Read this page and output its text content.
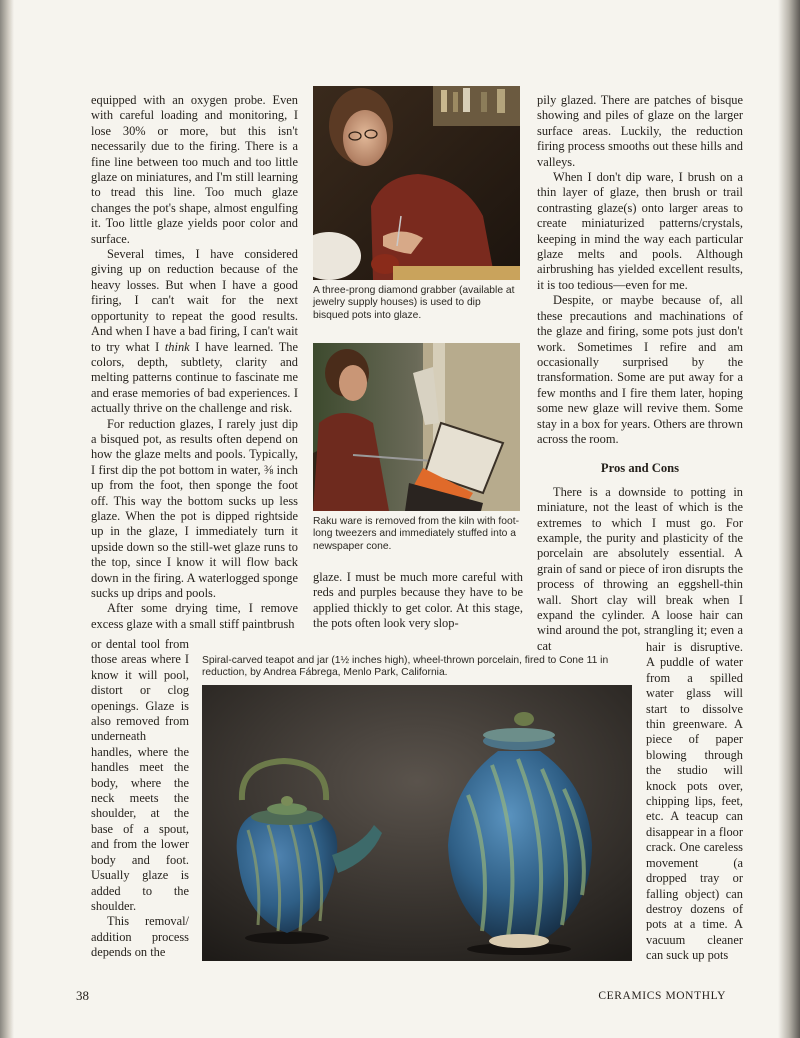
equipped with an oxygen probe. Even with careful loading and monitoring, I lose 30% or more, but this isn't necessarily due to the firing. There is a fine line between too much and too little glaze on miniatures, and I'm still learning to tread this line. Too much glaze changes the pot's shape, almost engulfing it. Too little glaze yields poor color and surface.

Several times, I have considered giving up on reduction because of the heavy losses. But when I have a good firing, I can't wait for the next opportunity to repeat the good results. And when I have a bad firing, I can't wait to try what I think I have learned. The colors, depth, subtlety, clarity and melting patterns continue to fascinate me and erase memories of bad experiences. I actually thrive on the challenge and risk.

For reduction glazes, I rarely just dip a bisqued pot, as results often depend on how the glaze melts and pools. Typically, I first dip the pot bottom in water, ⅜ inch up from the foot, then sponge the foot off. This way the bottom sucks up less glaze. When the pot is dipped rightside up in the glaze, I immediately turn it upside down so the still-wet glaze runs to the top, since I know it will flow back down in the firing. A waterlogged sponge sucks up drips and pools.

After some drying time, I remove excess glaze with a small stiff paintbrush

or dental tool from those areas where I know it will pool, distort or clog openings. Glaze is also removed from underneath handles, where the handles meet the body, where the neck meets the shoulder, at the base of a spout, and from the lower body and foot. Usually glaze is added to the shoulder.

This removal/ addition process depends on the

A three-prong diamond grabber (available at jewelry supply houses) is used to dip bisqued pots into glaze.
Raku ware is removed from the kiln with foot-long tweezers and immediately stuffed into a newspaper cone.

glaze. I must be much more careful with reds and purples because they have to be applied thickly to get color. At this stage, the pots often look very slop-

pily glazed. There are patches of bisque showing and piles of glaze on the larger surface areas. Luckily, the reduction firing process smooths out these hills and valleys.

When I don't dip ware, I brush on a thin layer of glaze, then brush or trail contrasting glaze(s) onto larger areas to create miniaturized patterns/crystals, keeping in mind the way each particular glaze melts and pools. Although airbrushing has yielded excellent results, it is too tedious—even for me.

Despite, or maybe because of, all these precautions and machinations of the glaze and firing, some pots just don't work. Sometimes I refire and am occasionally surprised by the transformation. Some are put away for a few months and I fire them later, hoping some new glaze will revive them. Some stay in a box for years. Others are thrown across the room.

Pros and Cons

There is a downside to potting in miniature, not the least of which is the extremes to which I must go. For example, the purity and plasticity of the porcelain are absolutely essential. A grain of sand or piece of iron disrupts the process of throwing an eggshell-thin wall. Short clay will break when I expand the cylinder. A loose hair can wind around the pot, strangling it; even a cat	hair is disruptive. A puddle of water from a spilled water glass will start to dissolve thin greenware. A piece of paper blowing through the studio will knock pots over, chipping lips, feet, etc. A teacup can disappear in a floor crack. One careless movement (a dropped tray or falling object) can destroy dozens of pots at a time. A vacuum cleaner can suck up pots

Spiral-carved teapot and jar (1½ inches high), wheel-thrown porcelain, fired to Cone 11 in reduction, by Andrea Fábrega, Menlo Park, California.
38	CERAMICS MONTHLY
